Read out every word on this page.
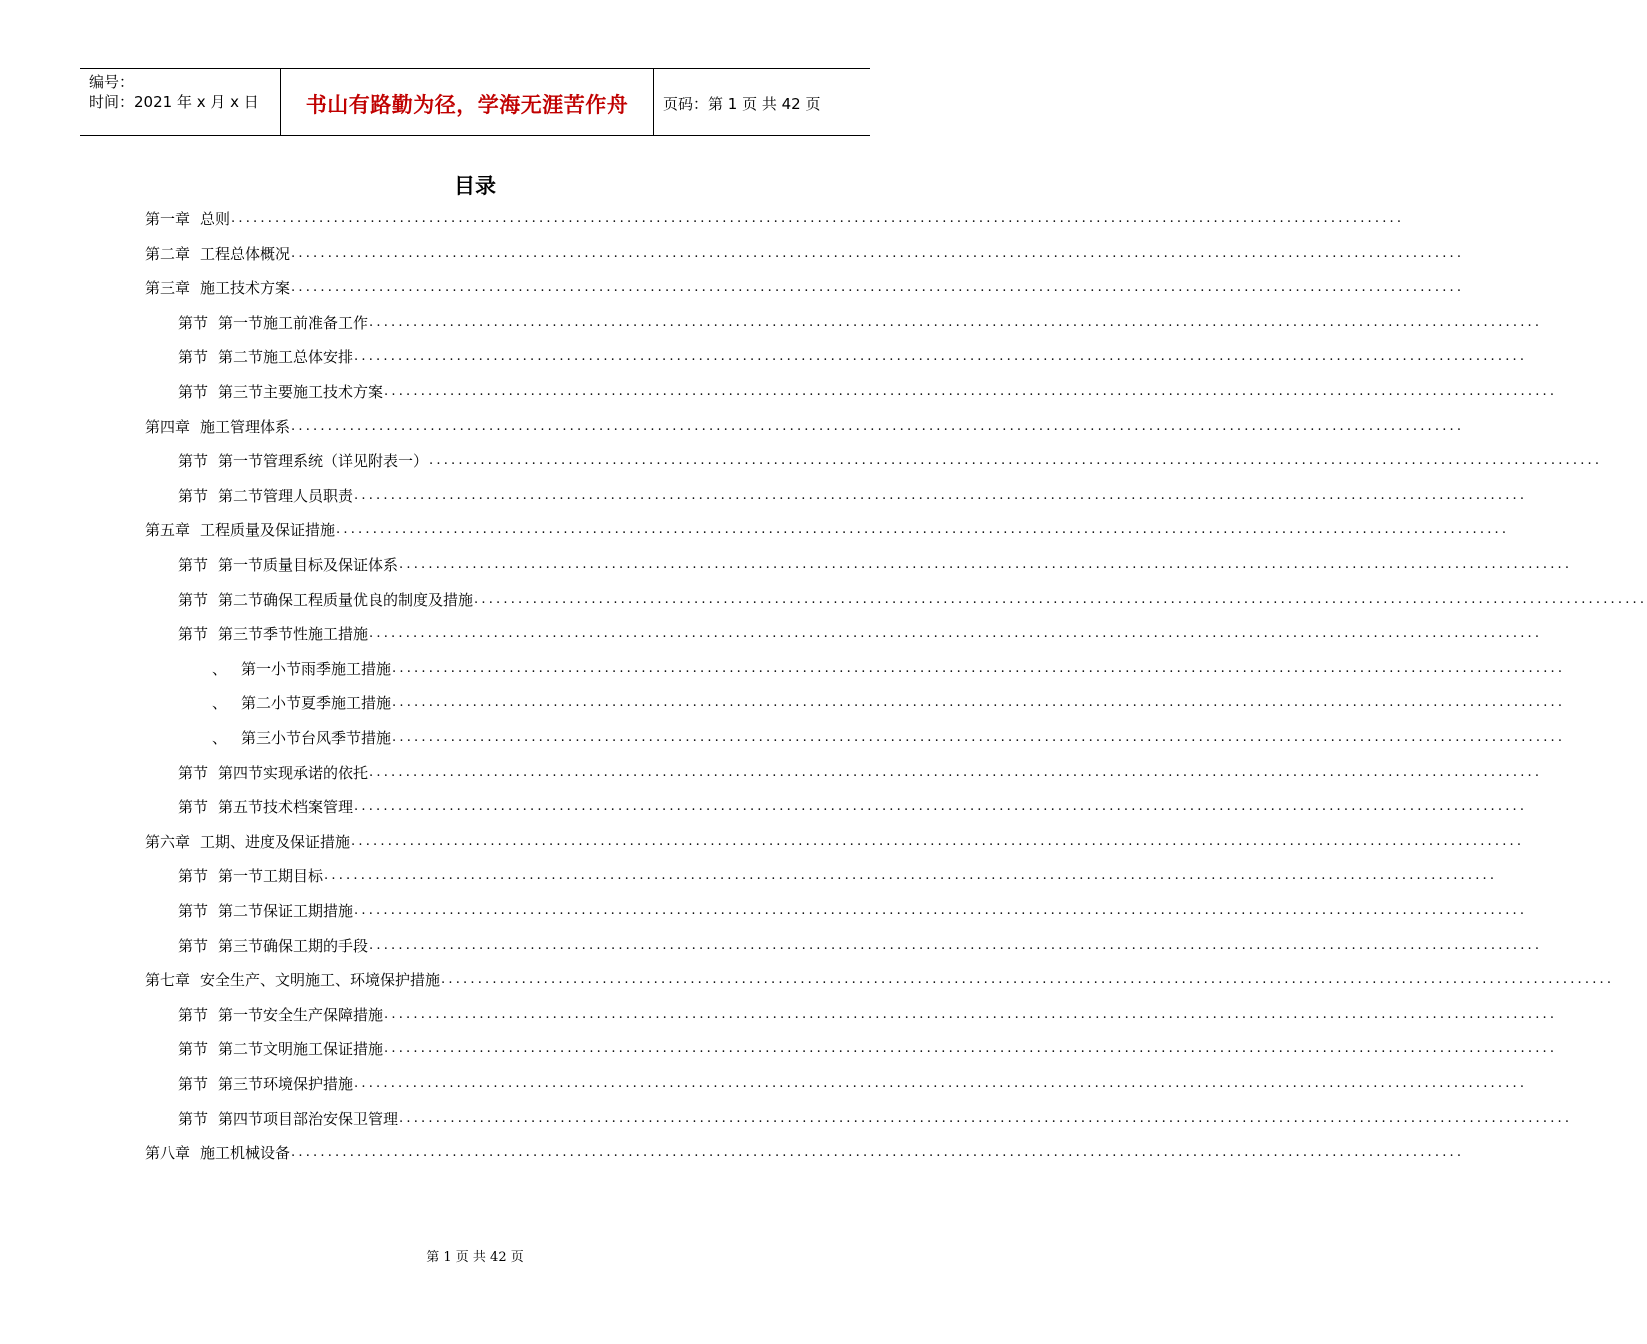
编号：
时间：2021 年 x 月 x 日	书山有路勤为径，学海无涯苦作舟	页码：第 1 页 共 42 页
目录
第一章 总则 ................................................................................................................................................................
第二章 工程总体概况 ................................................................................................................................................................
第三章 施工技术方案 ................................................................................................................................................................
第节 第一节施工前准备工作 ................................................................................................................................................................
第节 第二节施工总体安排 ................................................................................................................................................................
第节 第三节主要施工技术方案 ................................................................................................................................................................
第四章 施工管理体系 ................................................................................................................................................................
第节 第一节管理系统（详见附表一） ................................................................................................................................................................
第节 第二节管理人员职责 ................................................................................................................................................................
第五章 工程质量及保证措施 ................................................................................................................................................................
第节 第一节质量目标及保证体系 ................................................................................................................................................................
第节 第二节确保工程质量优良的制度及措施 ................................................................................................................................................................
第节 第三节季节性施工措施 ................................................................................................................................................................
、 第一小节雨季施工措施 ................................................................................................................................................................
、 第二小节夏季施工措施 ................................................................................................................................................................
、 第三小节台风季节措施 ................................................................................................................................................................
第节 第四节实现承诺的依托 ................................................................................................................................................................
第节 第五节技术档案管理 ................................................................................................................................................................
第六章 工期、进度及保证措施 ................................................................................................................................................................
第节 第一节工期目标 ................................................................................................................................................................
第节 第二节保证工期措施 ................................................................................................................................................................
第节 第三节确保工期的手段 ................................................................................................................................................................
第七章 安全生产、文明施工、环境保护措施 ................................................................................................................................................................
第节 第一节安全生产保障措施 ................................................................................................................................................................
第节 第二节文明施工保证措施 ................................................................................................................................................................
第节 第三节环境保护措施 ................................................................................................................................................................
第节 第四节项目部治安保卫管理 ................................................................................................................................................................
第八章 施工机械设备 ................................................................................................................................................................
第 1 页 共 42 页
